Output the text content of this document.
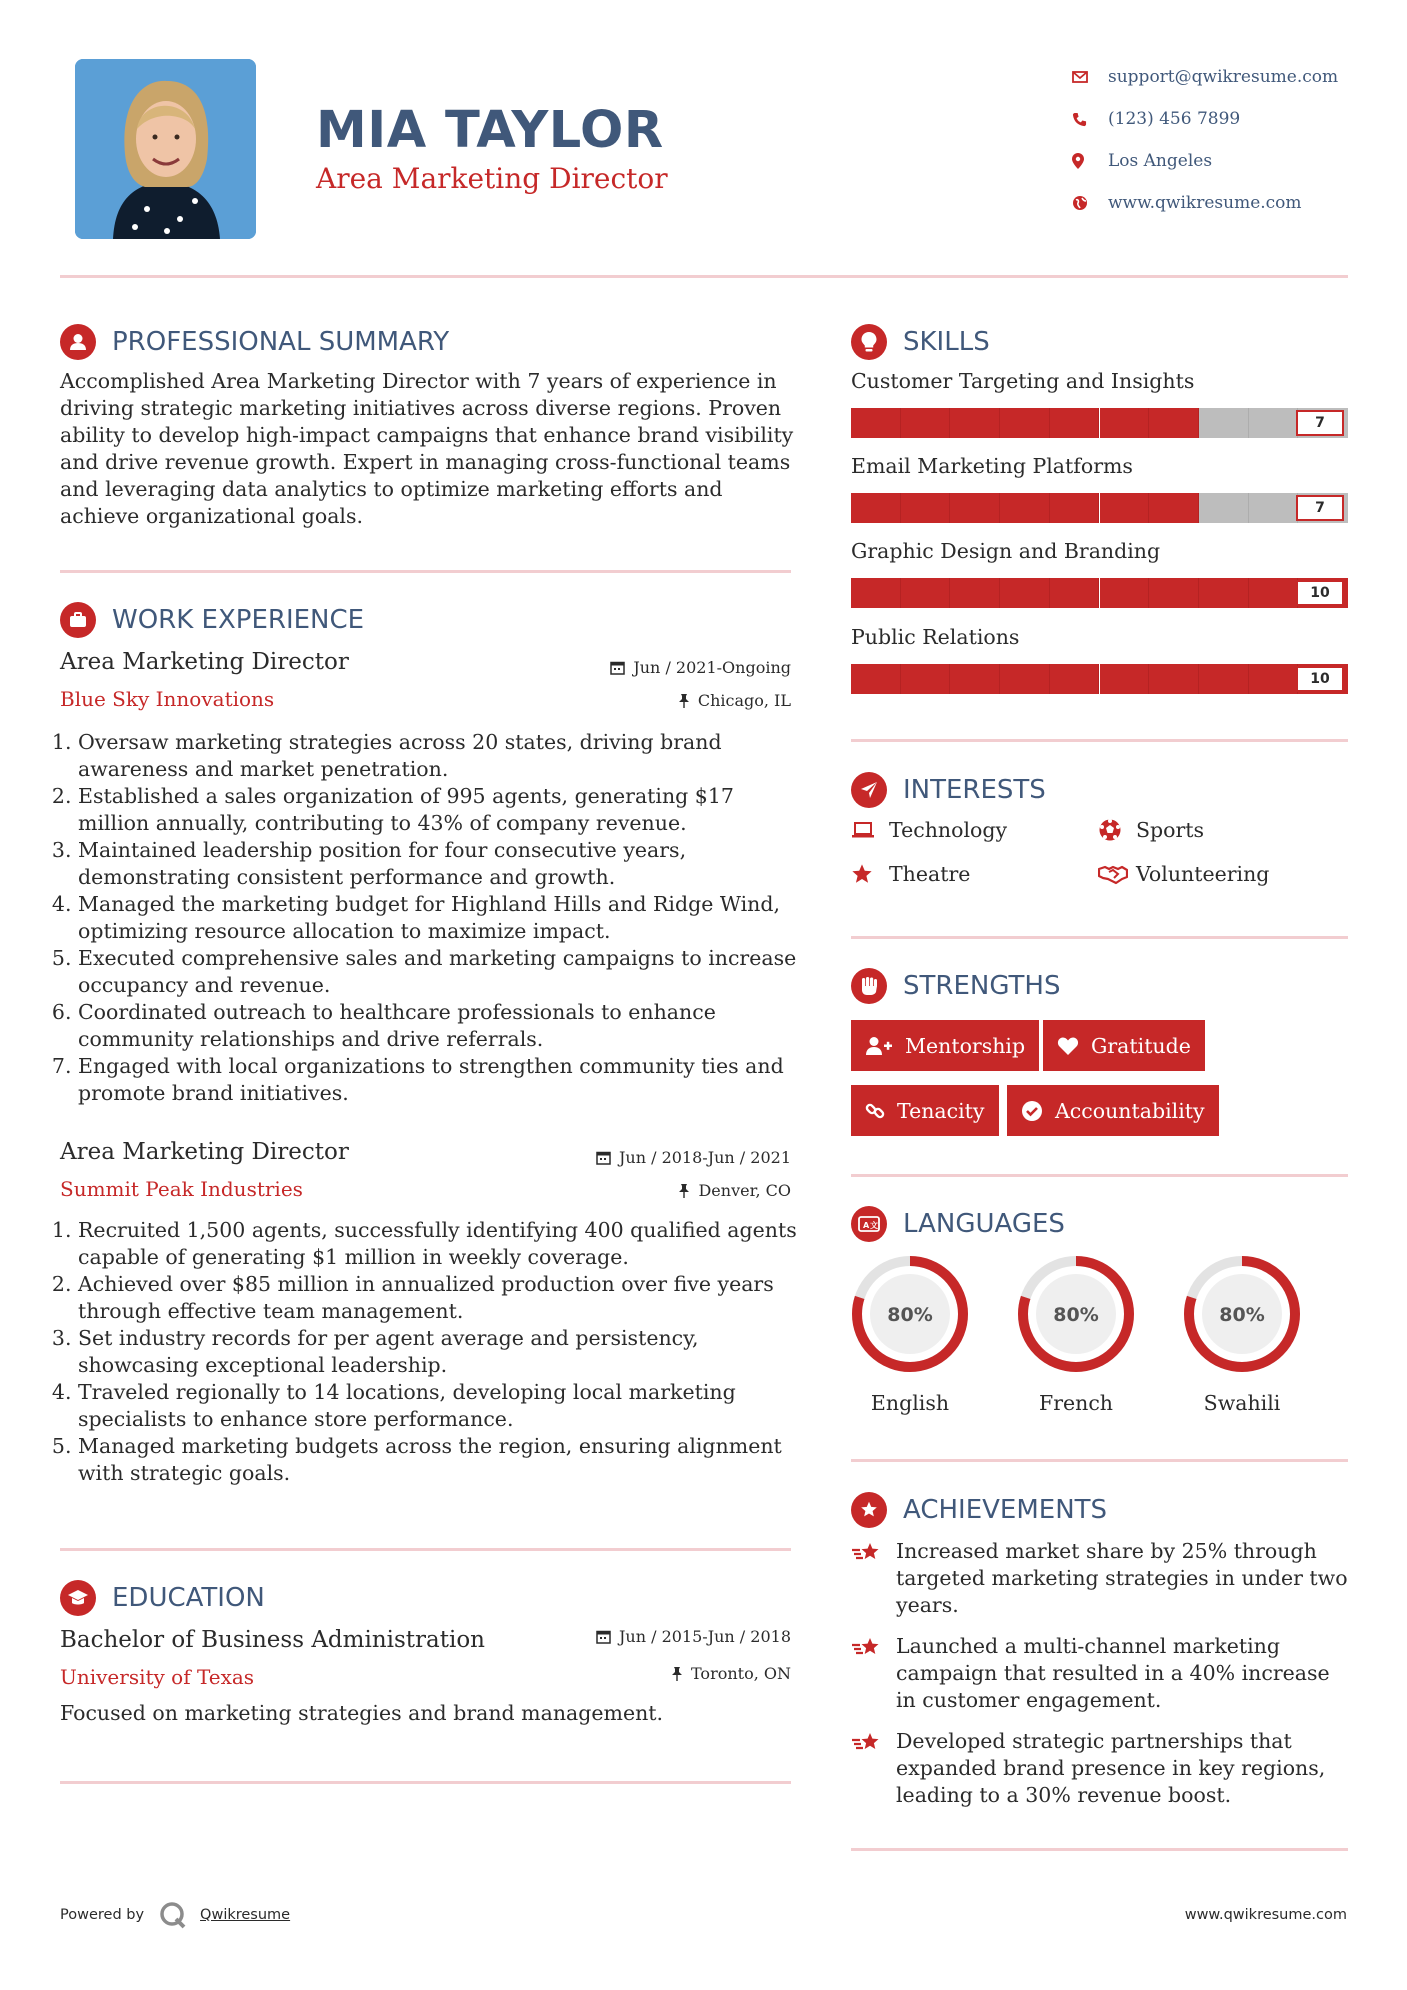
MIA TAYLOR
Area Marketing Director
support@qwikresume.com
(123) 456 7899
Los Angeles
www.qwikresume.com
PROFESSIONAL SUMMARY
Accomplished Area Marketing Director with 7 years of experience in driving strategic marketing initiatives across diverse regions. Proven ability to develop high-impact campaigns that enhance brand visibility and drive revenue growth. Expert in managing cross-functional teams and leveraging data analytics to optimize marketing efforts and achieve organizational goals.
WORK EXPERIENCE
Area Marketing Director	Jun / 2021-Ongoing
Blue Sky Innovations	Chicago, IL
1. Oversaw marketing strategies across 20 states, driving brand awareness and market penetration.
2. Established a sales organization of 995 agents, generating $17 million annually, contributing to 43% of company revenue.
3. Maintained leadership position for four consecutive years, demonstrating consistent performance and growth.
4. Managed the marketing budget for Highland Hills and Ridge Wind, optimizing resource allocation to maximize impact.
5. Executed comprehensive sales and marketing campaigns to increase occupancy and revenue.
6. Coordinated outreach to healthcare professionals to enhance community relationships and drive referrals.
7. Engaged with local organizations to strengthen community ties and promote brand initiatives.
Area Marketing Director	Jun / 2018-Jun / 2021
Summit Peak Industries	Denver, CO
1. Recruited 1,500 agents, successfully identifying 400 qualified agents capable of generating $1 million in weekly coverage.
2. Achieved over $85 million in annualized production over five years through effective team management.
3. Set industry records for per agent average and persistency, showcasing exceptional leadership.
4. Traveled regionally to 14 locations, developing local marketing specialists to enhance store performance.
5. Managed marketing budgets across the region, ensuring alignment with strategic goals.
EDUCATION
Bachelor of Business Administration	Jun / 2015-Jun / 2018
University of Texas	Toronto, ON
Focused on marketing strategies and brand management.
SKILLS
Customer Targeting and Insights
7
Email Marketing Platforms
7
Graphic Design and Branding
10
Public Relations
10
INTERESTS
Technology	Sports
Theatre	Volunteering
STRENGTHS
Mentorship	Gratitude
Tenacity	Accountability
A 文 LANGUAGES
80%
English
80%
French
80%
Swahili
ACHIEVEMENTS
Increased market share by 25% through targeted marketing strategies in under two years.
Launched a multi-channel marketing campaign that resulted in a 40% increase in customer engagement.
Developed strategic partnerships that expanded brand presence in key regions, leading to a 30% revenue boost.
Powered by	Qwikresume	www.qwikresume.com
